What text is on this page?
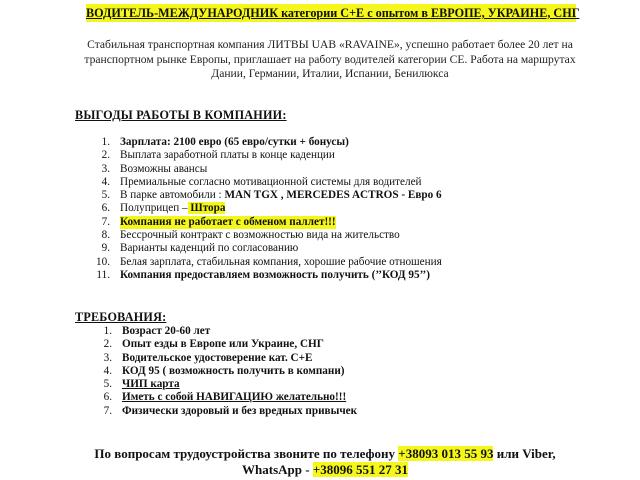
ВОДИТЕЛЬ-МЕЖДУНАРОДНИК категории С+Е с опытом в ЕВРОПЕ, УКРАИНЕ, СНГ
Стабильная транспортная компания ЛИТВЫ UAB «RAVAINE», успешно работает более 20 лет на
транспортном рынке Европы, приглашает на работу водителей категории СЕ. Работа на маршрутах
Дании, Германии, Италии, Испании, Бенилюкса
ВЫГОДЫ РАБОТЫ В КОМПАНИИ:
1. Зарплата: 2100 евро (65 евро/сутки + бонусы)
2. Выплата заработной платы в конце каденции
3. Возможны авансы
4. Премиальные согласно мотивационной системы для водителей
5. В парке автомобили : MAN TGX , MERCEDES ACTROS - Евро 6
6. Полуприцеп – Штора
7. Компания не работает с обменом паллет!!!
8. Бессрочный контракт с возможностью вида на жительство
9. Варианты каденций по согласованию
10. Белая зарплата, стабильная компания, хорошие рабочие отношения
11. Компания предоставляем возможность получить (’’КОД 95’’)
ТРЕБОВАНИЯ:
1. Возраст 20-60 лет
2. Опыт езды в Европе или Украине, СНГ
3. Водительское удостоверение кат. С+Е
4. КОД 95 ( возможность получить в компани)
5. ЧИП карта
6. Иметь с собой НАВИГАЦИЮ желательно!!!
7. Физически здоровый и без вредных привычек
По вопросам трудоустройства звоните по телефону +38093 013 55 93 или Viber,
WhatsApp - +38096 551 27 31
